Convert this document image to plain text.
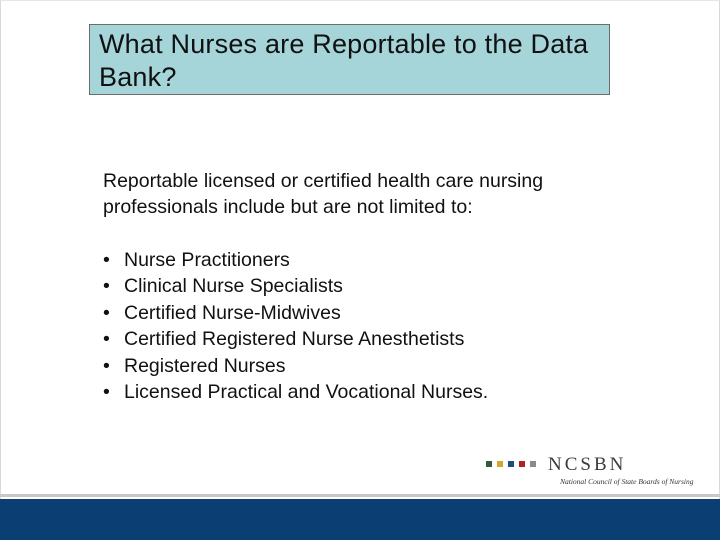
What Nurses are Reportable to the Data Bank?
Reportable licensed or certified health care nursing professionals include but are not limited to:
• Nurse Practitioners
• Clinical Nurse Specialists
• Certified Nurse-Midwives
• Certified Registered Nurse Anesthetists
• Registered Nurses
• Licensed Practical and Vocational Nurses.
NCSBN
National Council of State Boards of Nursing
